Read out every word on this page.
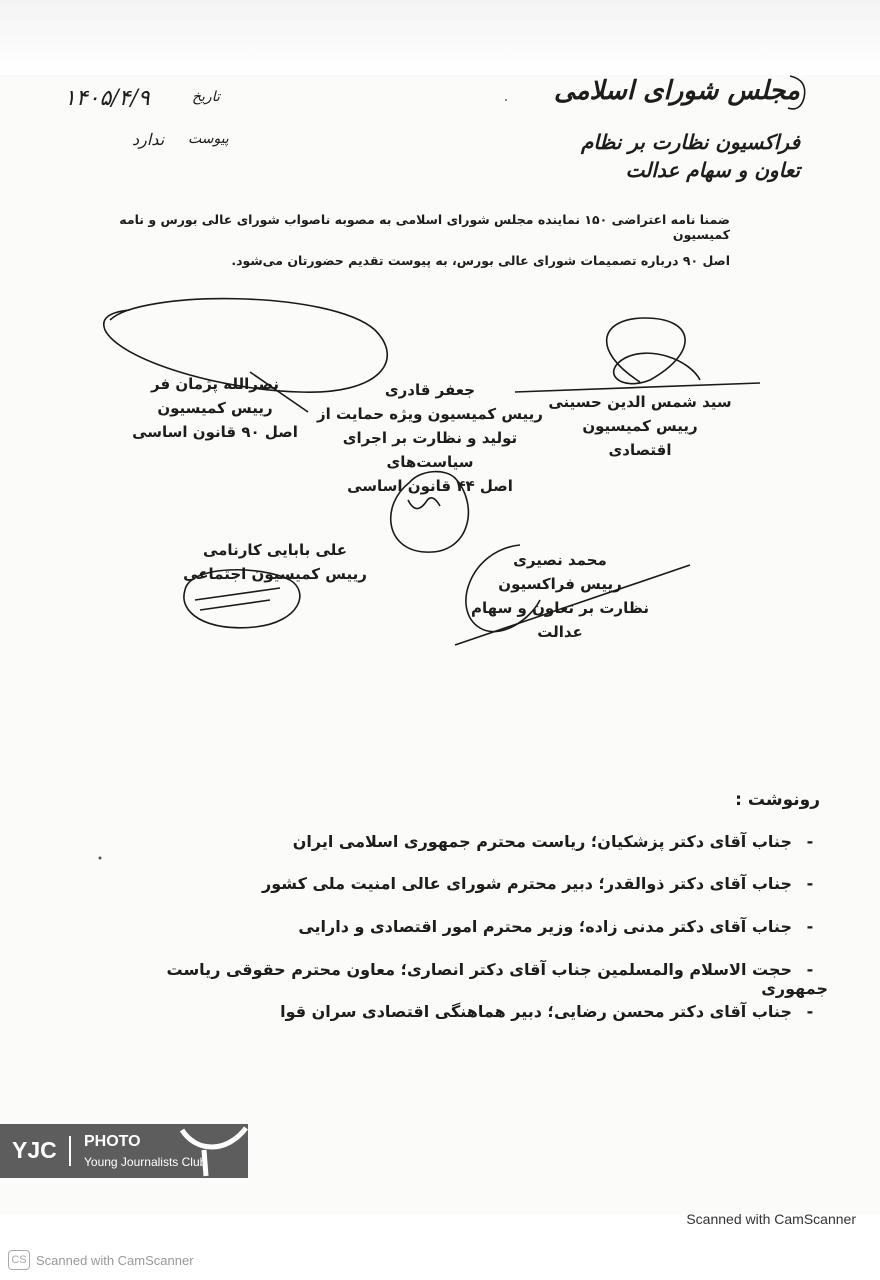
تاریخ
۱۴۰۵/۴/۹
پیوست
ندارد
مجلس شورای اسلامی
فراکسیون نظارت بر نظام
تعاون و سهام عدالت
ضمنا نامه اعتراضی ۱۵۰ نماینده مجلس شورای اسلامی به مصوبه ناصواب شورای عالی بورس و نامه کمیسیون
اصل ۹۰ درباره تصمیمات شورای عالی بورس، به پیوست تقدیم حضورتان می‌شود.
نصرالله پژمان فر
رییس کمیسیون
اصل ۹۰ قانون اساسی
جعفر قادری
رییس کمیسیون ویژه حمایت از
تولید و نظارت بر اجرای سیاست‌های
اصل ۴۴ قانون اساسی
سید شمس الدین حسینی
رییس کمیسیون
اقتصادی
علی بابایی کارنامی
رییس کمیسیون اجتماعی
محمد نصیری
رییس فراکسیون
نظارت بر تعاون و سهام عدالت
رونوشت :
-جناب آقای دکتر پزشکیان؛ ریاست محترم جمهوری اسلامی ایران
-جناب آقای دکتر ذوالقدر؛ دبیر محترم شورای عالی امنیت ملی کشور
-جناب آقای دکتر مدنی زاده؛ وزیر محترم امور اقتصادی و دارایی
-حجت الاسلام والمسلمین جناب آقای دکتر انصاری؛ معاون محترم حقوقی ریاست جمهوری
-جناب آقای دکتر محسن رضایی؛ دبیر هماهنگی اقتصادی سران قوا
YJC PHOTO
Young Journalists Club
Scanned with CamScanner
CS Scanned with CamScanner
